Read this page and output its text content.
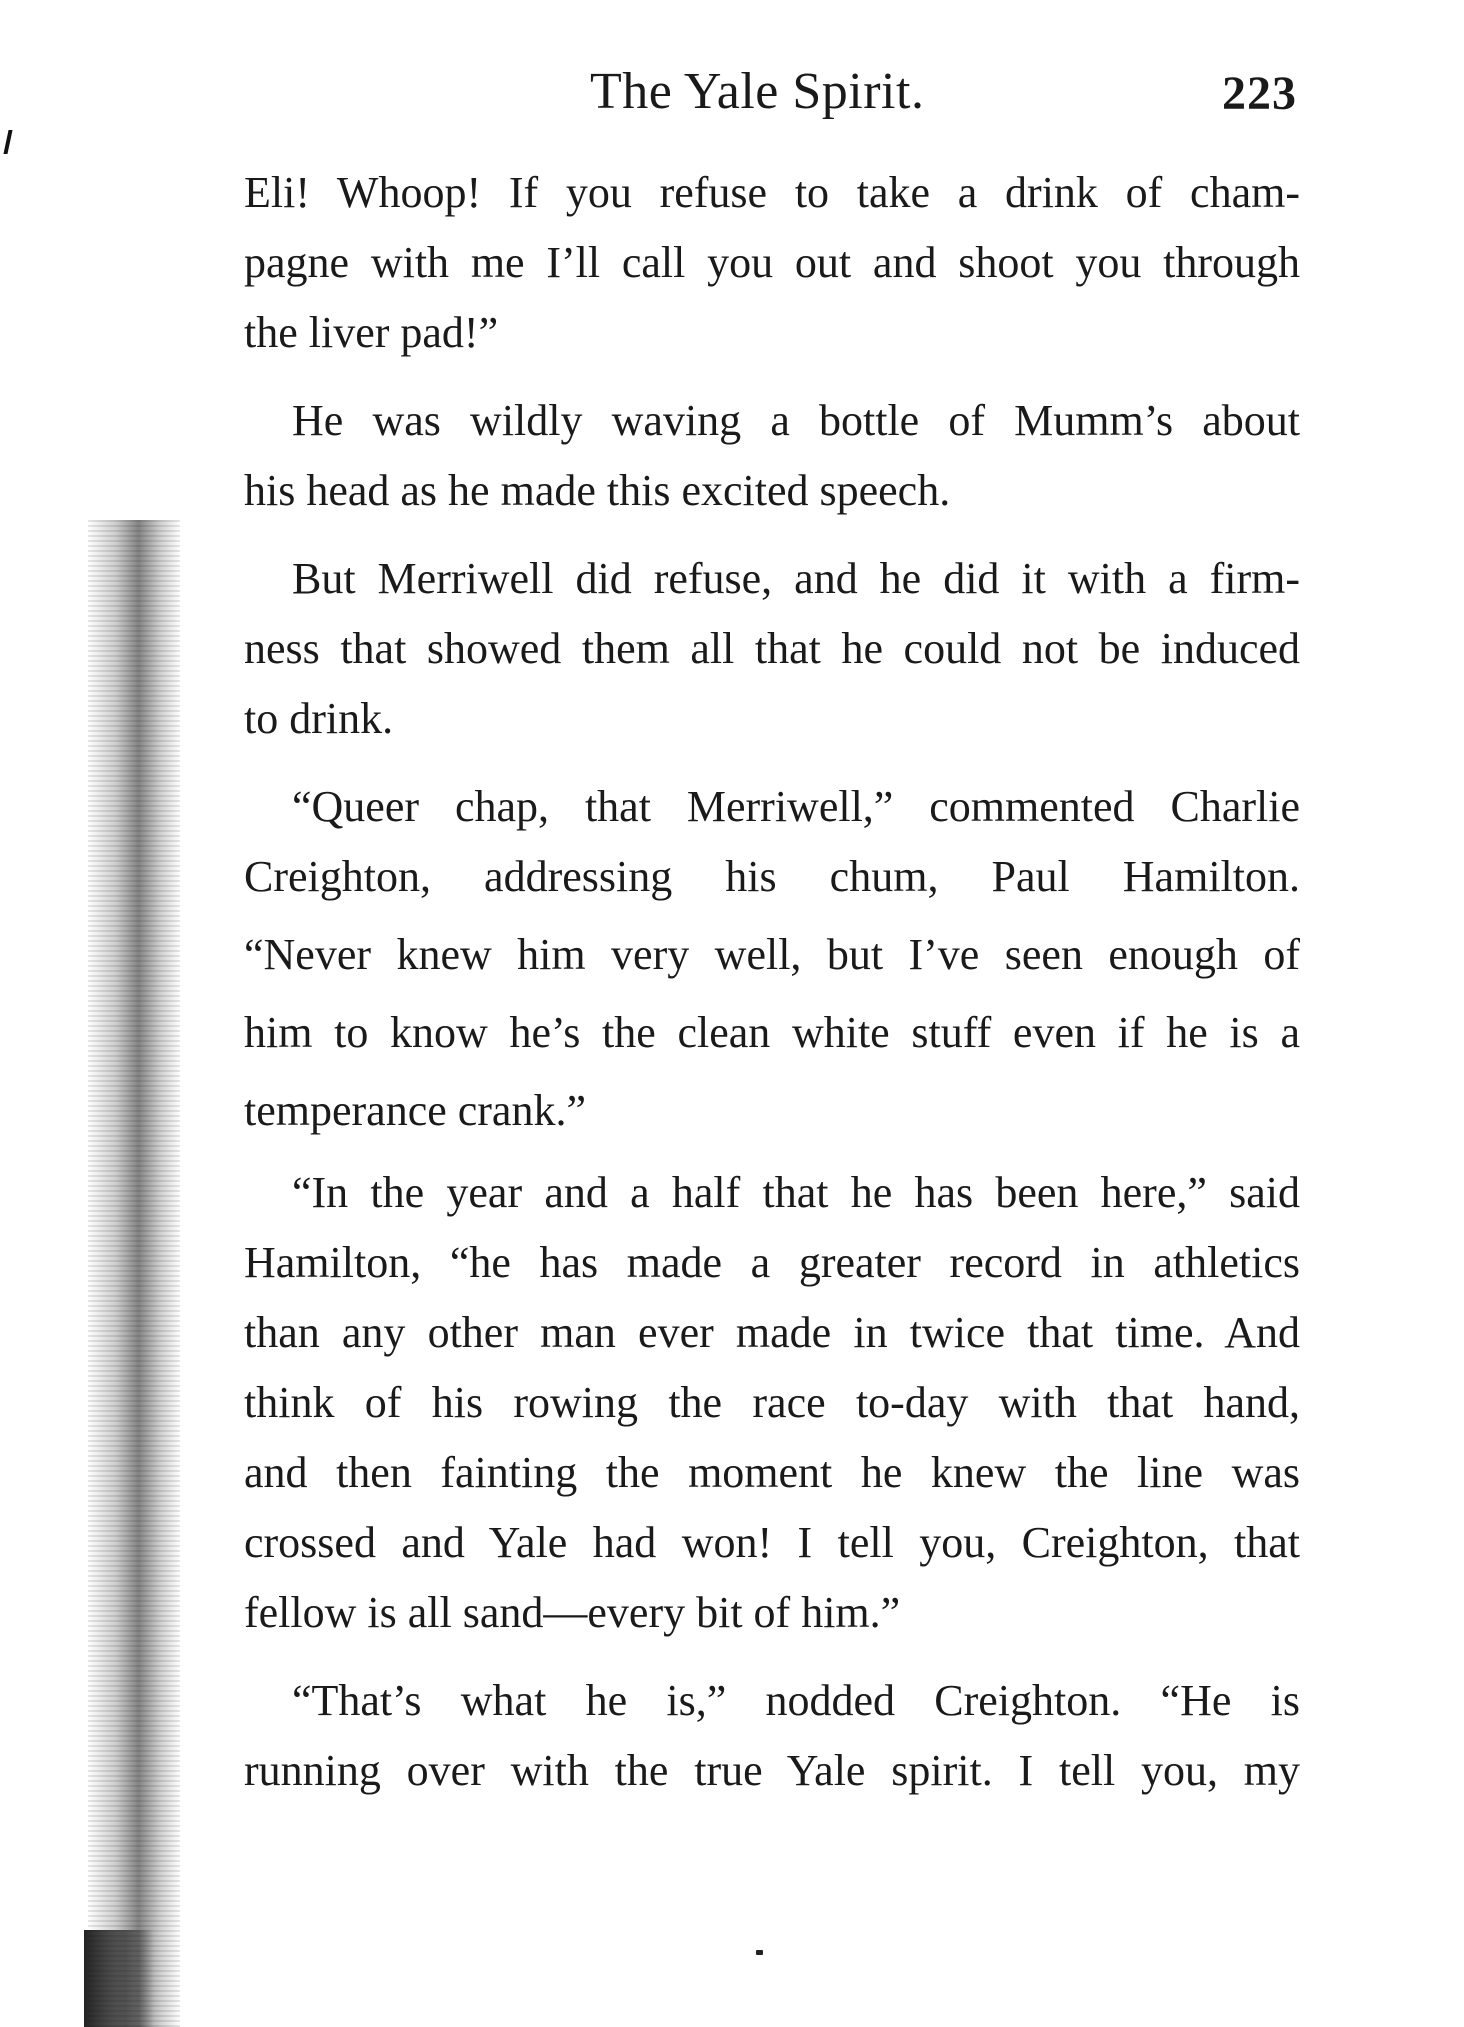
The Yale Spirit.	223
Eli! Whoop! If you refuse to take a drink of cham-
pagne with me I’ll call you out and shoot you through
the liver pad!”
He was wildly waving a bottle of Mumm’s about
his head as he made this excited speech.
But Merriwell did refuse, and he did it with a firm-
ness that showed them all that he could not be induced
to drink.
“Queer chap, that Merriwell,” commented Charlie
Creighton, addressing his chum, Paul Hamilton.
“Never knew him very well, but I’ve seen enough of
him to know he’s the clean white stuff even if he is a
temperance crank.”
“In the year and a half that he has been here,” said
Hamilton, “he has made a greater record in athletics
than any other man ever made in twice that time. And
think of his rowing the race to-day with that hand,
and then fainting the moment he knew the line was
crossed and Yale had won! I tell you, Creighton, that
fellow is all sand—every bit of him.”
“That’s what he is,” nodded Creighton. “He is
running over with the true Yale spirit. I tell you, my
